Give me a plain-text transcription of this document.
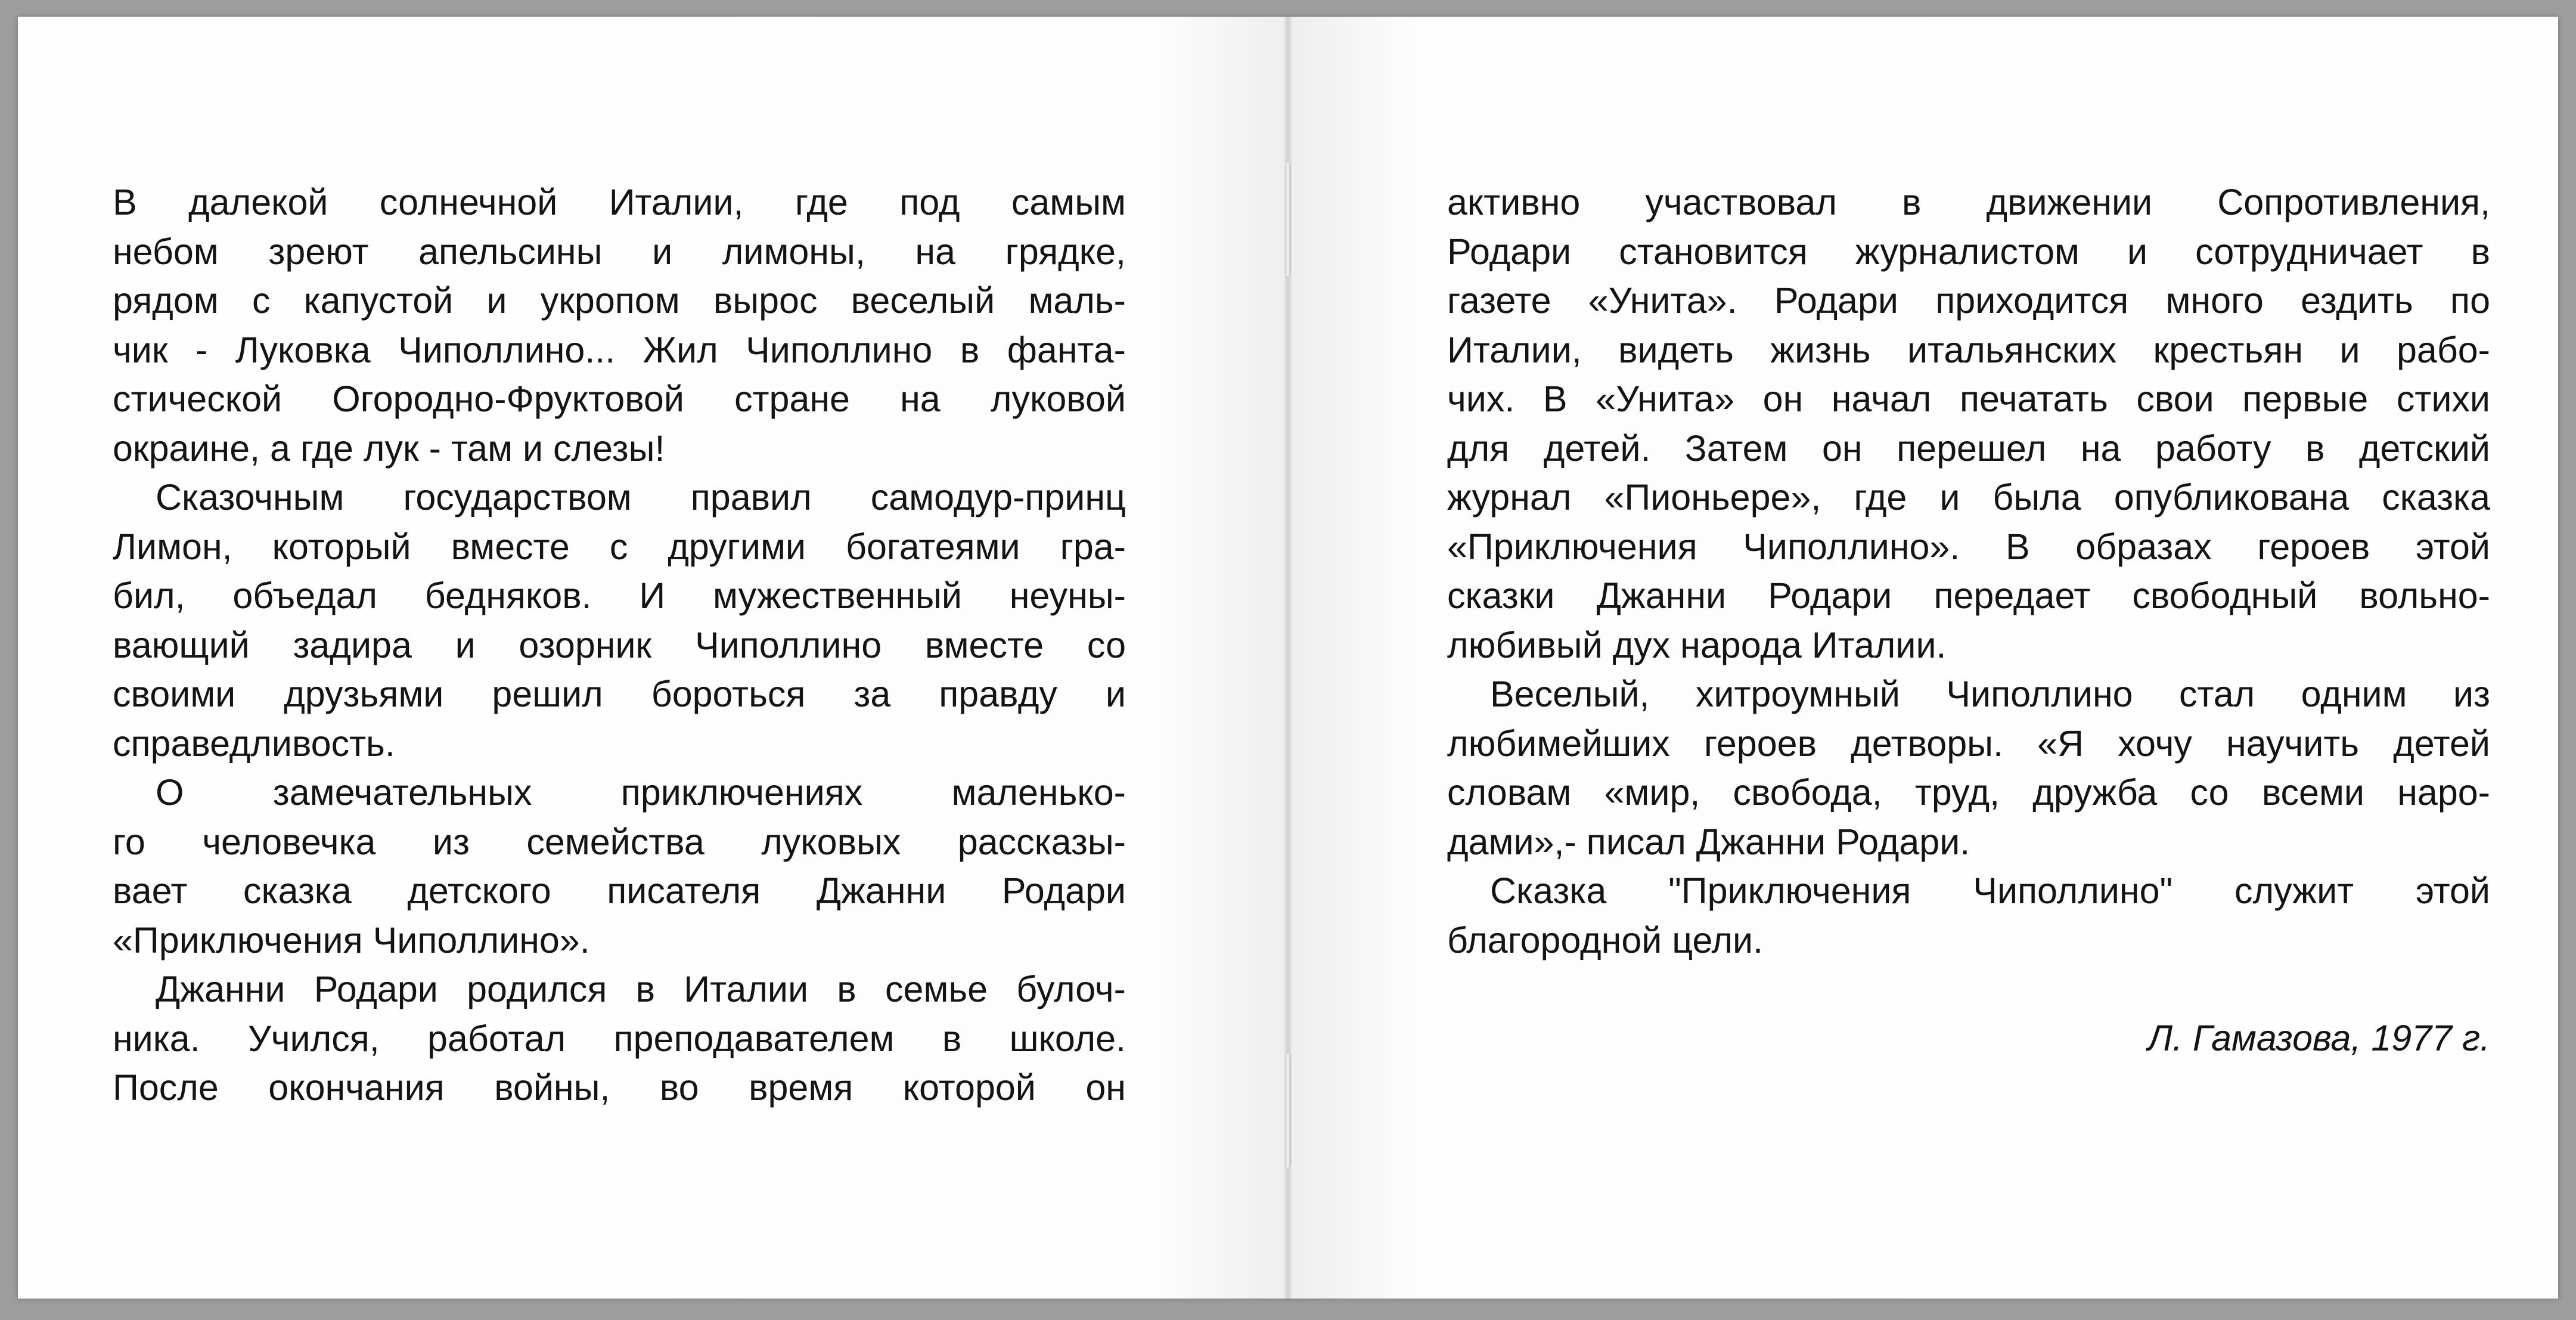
В далекой солнечной Италии, где под самым
небом зреют апельсины и лимоны, на грядке,
рядом с капустой и укропом вырос веселый маль-
чик - Луковка Чиполлино... Жил Чиполлино в фанта-
стической Огородно-Фруктовой стране на луковой
окраине, а где лук - там и слезы!

Сказочным государством правил самодур-принц
Лимон, который вместе с другими богатеями гра-
бил, объедал бедняков. И мужественный неуны-
вающий задира и озорник Чиполлино вместе со
своими друзьями решил бороться за правду и
справедливость.

О замечательных приключениях маленько-
го человечка из семейства луковых рассказы-
вает сказка детского писателя Джанни Родари
«Приключения Чиполлино».

Джанни Родари родился в Италии в семье булоч-
ника. Учился, работал преподавателем в школе.
После окончания войны, во время которой он

активно участвовал в движении Сопротивления,
Родари становится журналистом и сотрудничает в
газете «Унита». Родари приходится много ездить по
Италии, видеть жизнь итальянских крестьян и рабо-
чих. В «Унита» он начал печатать свои первые стихи
для детей. Затем он перешел на работу в детский
журнал «Пионьере», где и была опубликована сказка
«Приключения Чиполлино». В образах героев этой
сказки Джанни Родари передает свободный вольно-
любивый дух народа Италии.

Веселый, хитроумный Чиполлино стал одним из
любимейших героев детворы. «Я хочу научить детей
словам «мир, свобода, труд, дружба со всеми наро-
дами»,- писал Джанни Родари.

Сказка "Приключения Чиполлино" служит этой
благородной цели.

Л. Гамазова, 1977 г.
